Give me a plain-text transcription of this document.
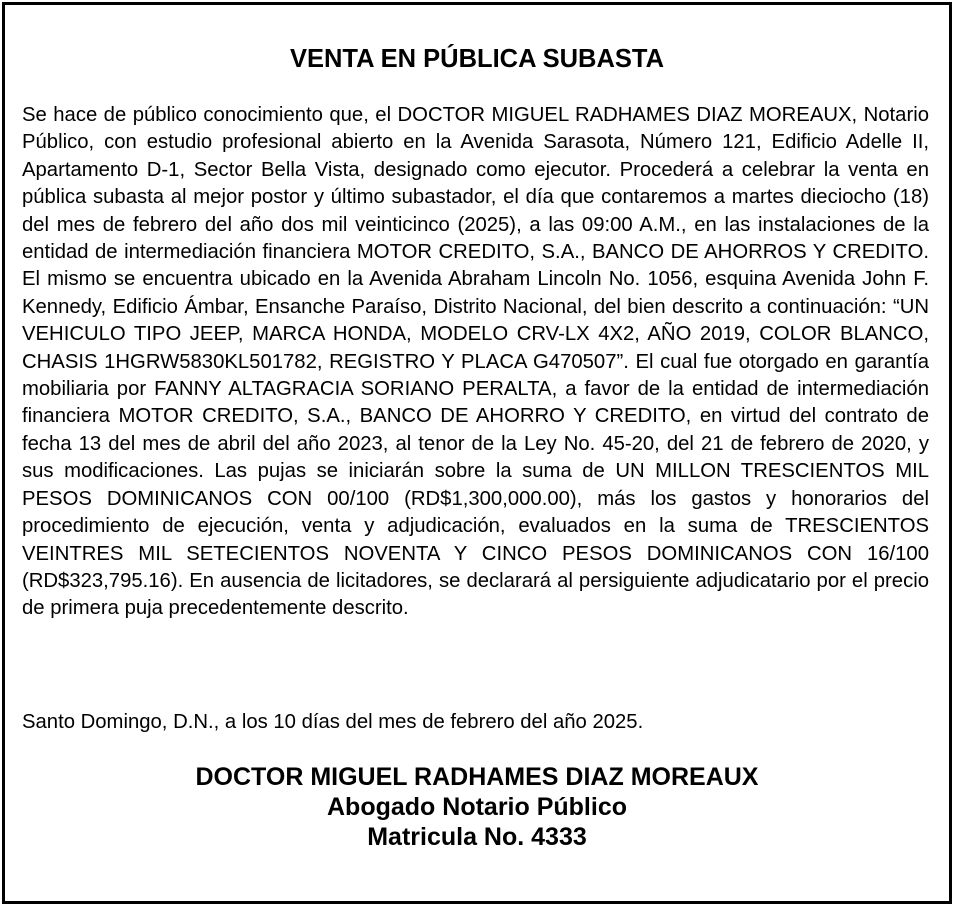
VENTA EN PÚBLICA SUBASTA

Se hace de público conocimiento que, el DOCTOR MIGUEL RADHAMES DIAZ MOREAUX, Notario Público, con estudio profesional abierto en la Avenida Sarasota, Número 121, Edificio Adelle II, Apartamento D-1, Sector Bella Vista, designado como ejecutor. Procederá a celebrar la venta en pública subasta al mejor postor y último subastador, el día que contaremos a martes dieciocho (18) del mes de febrero del año dos mil veinticinco (2025), a las 09:00 A.M., en las instalaciones de la entidad de intermediación financiera MOTOR CREDITO, S.A., BANCO DE AHORROS Y CREDITO. El mismo se encuentra ubicado en la Avenida Abraham Lincoln No. 1056, esquina Avenida John F. Kennedy, Edificio Ámbar, Ensanche Paraíso, Distrito Nacional, del bien descrito a continuación: “UN VEHICULO TIPO JEEP, MARCA HONDA, MODELO CRV-LX 4X2, AÑO 2019, COLOR BLANCO, CHASIS 1HGRW5830KL501782, REGISTRO Y PLACA G470507”. El cual fue otorgado en garantía mobiliaria por FANNY ALTAGRACIA SORIANO PERALTA, a favor de la entidad de intermediación financiera MOTOR CREDITO, S.A., BANCO DE AHORRO Y CREDITO, en virtud del contrato de fecha 13 del mes de abril del año 2023, al tenor de la Ley No. 45-20, del 21 de febrero de 2020, y sus modificaciones. Las pujas se iniciarán sobre la suma de UN MILLON TRESCIENTOS MIL PESOS DOMINICANOS CON 00/100 (RD$1,300,000.00), más los gastos y honorarios del procedimiento de ejecución, venta y adjudicación, evaluados en la suma de TRESCIENTOS VEINTRES MIL SETECIENTOS NOVENTA Y CINCO PESOS DOMINICANOS CON 16/100 (RD$323,795.16). En ausencia de licitadores, se declarará al persiguiente adjudicatario por el precio de primera puja precedentemente descrito.

Santo Domingo, D.N., a los 10 días del mes de febrero del año 2025.

DOCTOR MIGUEL RADHAMES DIAZ MOREAUX
Abogado Notario Público
Matricula No. 4333
